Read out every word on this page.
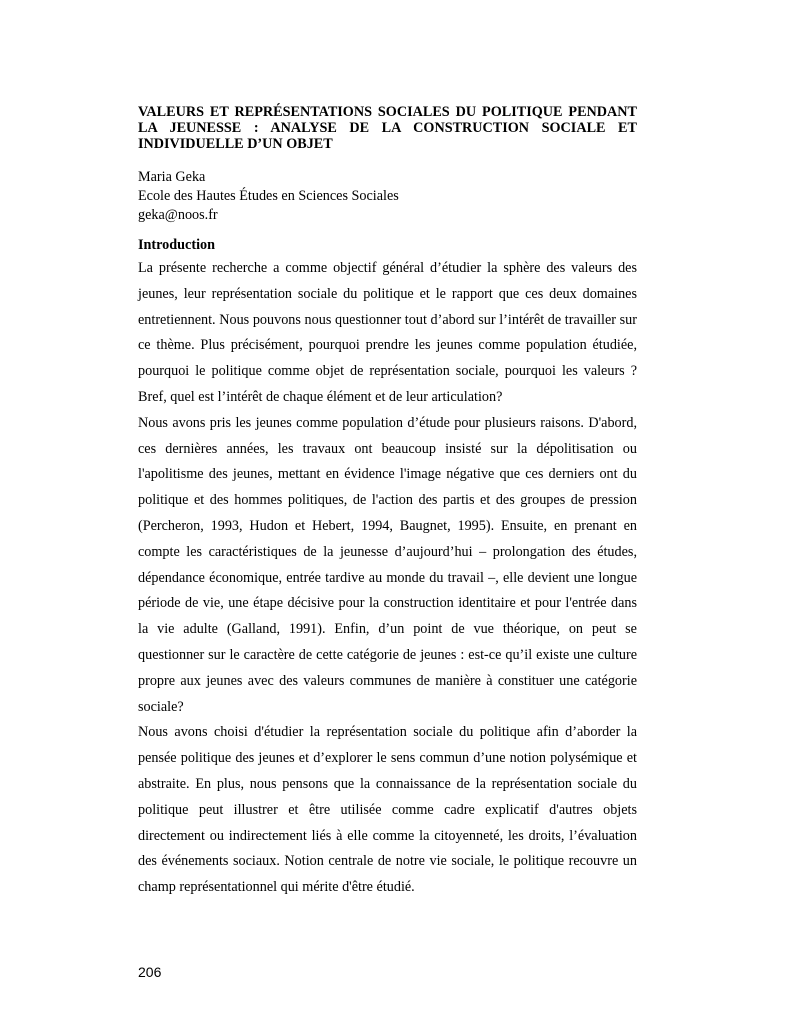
VALEURS ET REPRÉSENTATIONS SOCIALES DU POLITIQUE PENDANT LA JEUNESSE : ANALYSE DE LA CONSTRUCTION SOCIALE ET INDIVIDUELLE D’UN OBJET
Maria Geka
Ecole des Hautes Études en Sciences Sociales
geka@noos.fr
Introduction

La présente recherche a comme objectif général d’étudier la sphère des valeurs des jeunes, leur représentation sociale du politique et le rapport que ces deux domaines entretiennent. Nous pouvons nous questionner tout d’abord sur l’intérêt de travailler sur ce thème. Plus précisément, pourquoi prendre les jeunes comme population étudiée, pourquoi le politique comme objet de représentation sociale, pourquoi les valeurs ? Bref, quel est l’intérêt de chaque élément et de leur articulation?

Nous avons pris les jeunes comme population d’étude pour plusieurs raisons. D'abord, ces dernières années, les travaux ont beaucoup insisté sur la dépolitisation ou l'apolitisme des jeunes, mettant en évidence l'image négative que ces derniers ont du politique et des hommes politiques, de l'action des partis et des groupes de pression (Percheron, 1993, Hudon et Hebert, 1994, Baugnet, 1995). Ensuite, en prenant en compte les caractéristiques de la jeunesse d’aujourd’hui – prolongation des études, dépendance économique, entrée tardive au monde du travail –, elle devient une longue période de vie, une étape décisive pour la construction identitaire et pour l'entrée dans la vie adulte (Galland, 1991). Enfin, d’un point de vue théorique, on peut se questionner sur le caractère de cette catégorie de jeunes : est-ce qu’il existe une culture propre aux jeunes avec des valeurs communes de manière à constituer une catégorie sociale?

Nous avons choisi d'étudier la représentation sociale du politique afin d’aborder la pensée politique des jeunes et d’explorer le sens commun d’une notion polysémique et abstraite. En plus, nous pensons que la connaissance de la représentation sociale du politique peut illustrer et être utilisée comme cadre explicatif d'autres objets directement ou indirectement liés à elle comme la citoyenneté, les droits, l’évaluation des événements sociaux. Notion centrale de notre vie sociale, le politique recouvre un champ représentationnel qui mérite d'être étudié.

206
